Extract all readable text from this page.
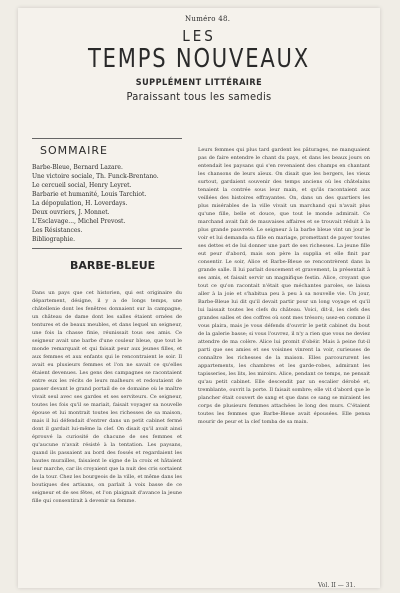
Numéro 48.
LES
TEMPS NOUVEAUX
SUPPLÉMENT LITTÉRAIRE
Paraissant tous les samedis
SOMMAIRE
Barbe-Bleue, Bernard Lazare.
Une victoire sociale, Th. Funck-Brentano.
Le cercueil social, Henry Leyret.
Barbarie et humanité, Louis Tarchiot.
La dépopulation, H. Loverdays.
Deux ouvriers, J. Monnet.
L'Esclavage..., Michel Prevost.
Les Résistances.
Bibliographie.
BARBE-BLEUE
Dans un pays que cet historien, qui est originaire du département, désigne, il y a de longs temps, une châtellenie dont les fenêtres donnaient sur la campagne, un château de dame dont les salles étaient ornées de tentures et de beaux meubles, et dans lequel un seigneur, une fois la chasse finie, réunissait tous ses amis. Ce seigneur avait une barbe d'une couleur bleue, que tout le monde remarquait et qui faisait peur aux jeunes filles, et aux femmes et aux enfants qui le rencontraient le soir. Il avait eu plusieurs femmes et l'on ne savait ce qu'elles étaient devenues. Les gens des campagnes se racontaient entre eux les récits de leurs malheurs et redoutaient de passer devant le grand portail de ce domaine où le maître vivait seul avec ses gardes et ses serviteurs. Ce seigneur, toutes les fois qu'il se mariait, faisait voyager sa nouvelle épouse et lui montrait toutes les richesses de sa maison, mais il lui défendait d'entrer dans un petit cabinet fermé dont il gardait lui-même la clef. On disait qu'il avait ainsi éprouvé la curiosité de chacune de ses femmes et qu'aucune n'avait résisté à la tentation. Les paysans, quand ils passaient au bord des fossés et regardaient les hautes murailles, faisaient le signe de la croix et hâtaient leur marche, car ils croyaient que la nuit des cris sortaient de la tour. Chez les bourgeois de la ville, et même dans les boutiques des artisans, on parlait à voix basse de ce seigneur et de ses fêtes, et l'on plaignait d'avance la jeune fille qui consentirait à devenir sa femme.
Leurs femmes qui plus tard gardent les pâturages, ne manquaient pas de faire entendre le chant du pays, et dans les beaux jours on entendait les paysans qui s'en revenaient des champs en chantant les chansons de leurs aïeux. On disait que les bergers, les vieux surtout, gardaient souvenir des temps anciens où les châtelains tenaient la contrée sous leur main, et qu'ils racontaient aux veillées des histoires effrayantes. On, dans un des quartiers les plus misérables de la ville vivait un marchand qui n'avait plus qu'une fille, belle et douce, que tout le monde admirait. Ce marchand avait fait de mauvaises affaires et se trouvait réduit à la plus grande pauvreté. Le seigneur à la barbe bleue vint un jour le voir et lui demanda sa fille en mariage, promettant de payer toutes ses dettes et de lui donner une part de ses richesses. La jeune fille eut peur d'abord, mais son père la supplia et elle finit par consentir. Le soir, Alice et Barbe-Bleue se rencontrèrent dans la grande salle. Il lui parlait doucement et gravement, la présentait à ses amis, et faisait servir un magnifique festin. Alice, croyant que tout ce qu'on racontait n'était que méchantes paroles, se laissa aller à la joie et s'habitua peu à peu à sa nouvelle vie. Un jour, Barbe-Bleue lui dit qu'il devait partir pour un long voyage et qu'il lui laissait toutes les clefs du château. Voici, dit-il, les clefs des grandes salles et des coffres où sont mes trésors; usez-en comme il vous plaira, mais je vous défends d'ouvrir le petit cabinet du bout de la galerie basse; si vous l'ouvrez, il n'y a rien que vous ne deviez attendre de ma colère. Alice lui promit d'obéir. Mais à peine fut-il parti que ses amies et ses voisines vinrent la voir, curieuses de connaître les richesses de la maison. Elles parcoururent les appartements, les chambres et les garde-robes, admirant les tapisseries, les lits, les miroirs. Alice, pendant ce temps, ne pensait qu'au petit cabinet. Elle descendit par un escalier dérobé et, tremblante, ouvrit la porte. Il faisait sombre; elle vit d'abord que le plancher était couvert de sang et que dans ce sang se miraient les corps de plusieurs femmes attachées le long des murs. C'étaient toutes les femmes que Barbe-Bleue avait épousées. Elle pensa mourir de peur et la clef tomba de sa main.
Vol. II — 31.
